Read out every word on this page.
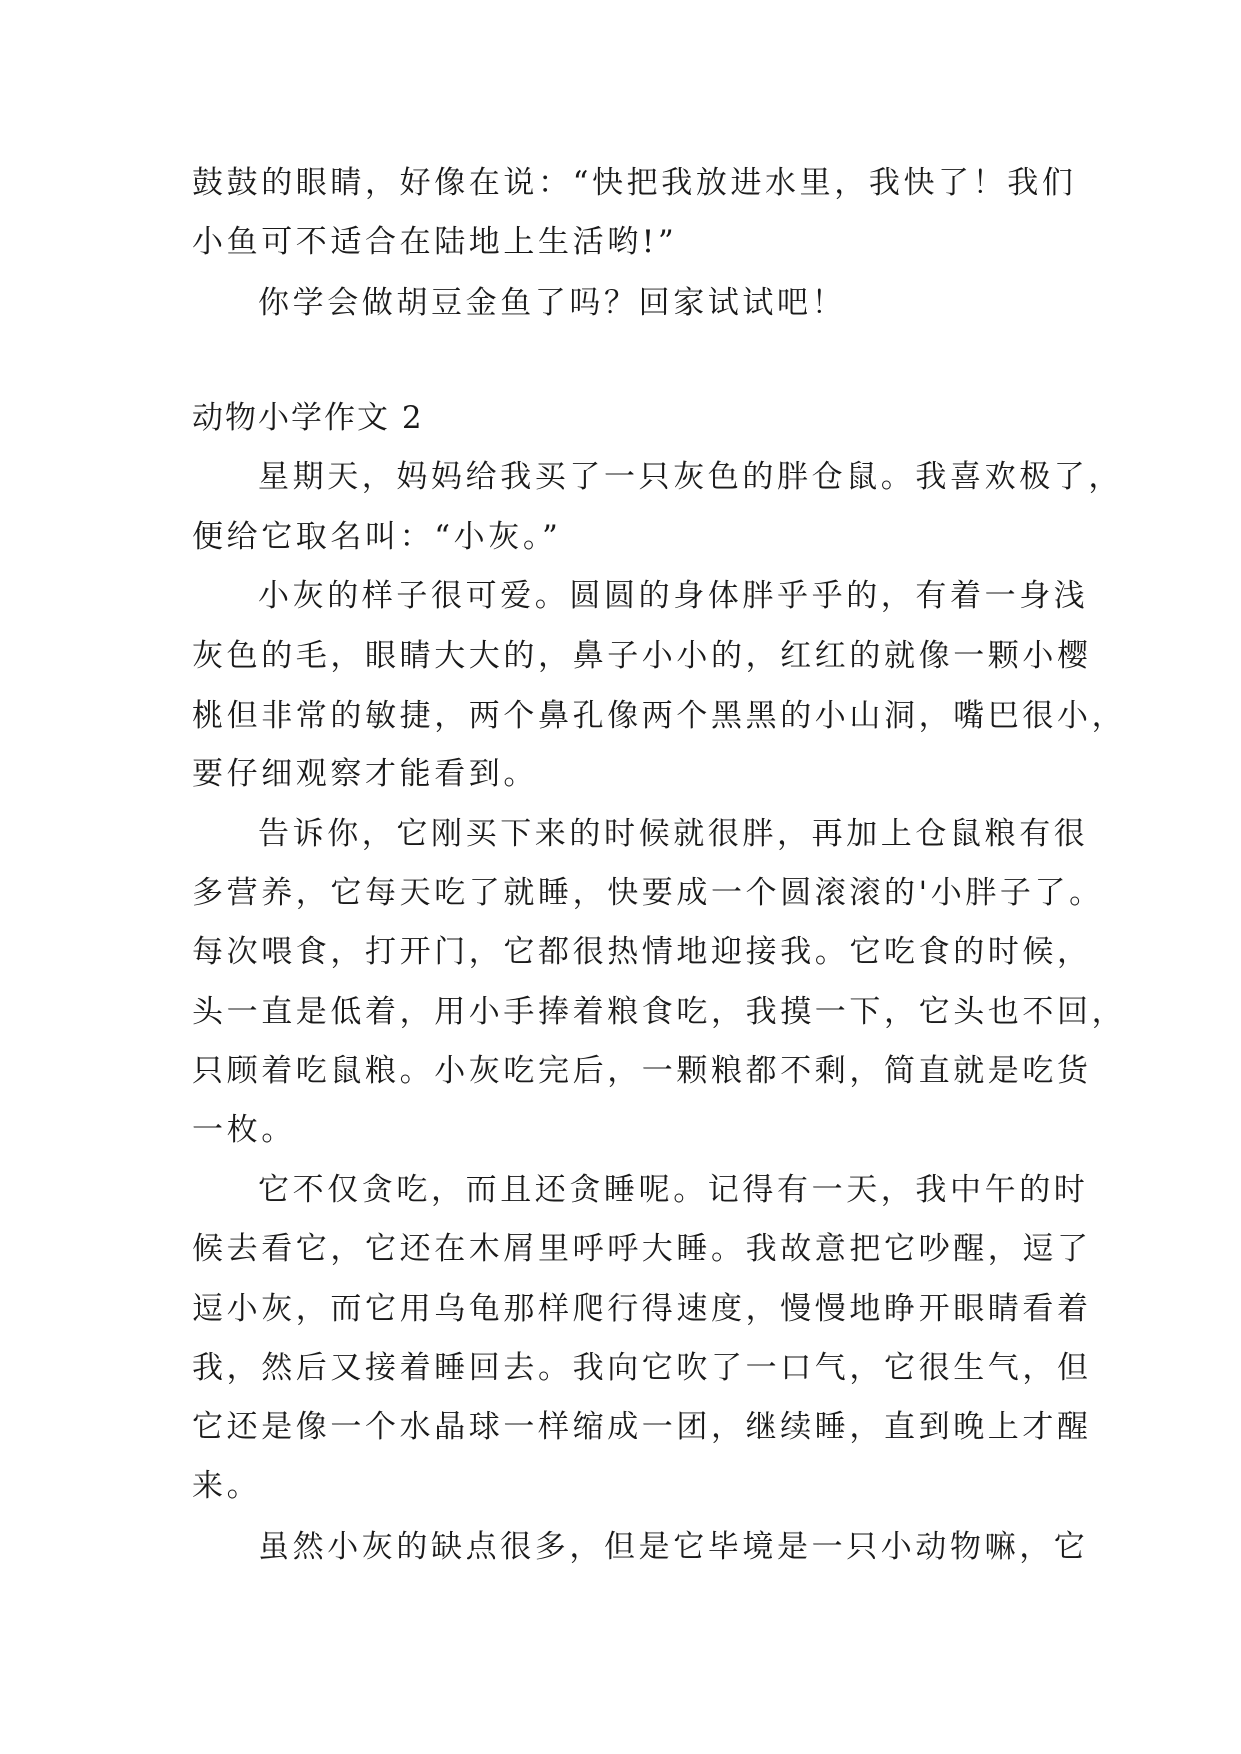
鼓鼓的眼睛，好像在说：“快把我放进水里，我快了！我们
小鱼可不适合在陆地上生活哟!”
你学会做胡豆金鱼了吗？回家试试吧！
动物小学作文 2
星期天，妈妈给我买了一只灰色的胖仓鼠。我喜欢极了，
便给它取名叫：“小灰。”
小灰的样子很可爱。圆圆的身体胖乎乎的，有着一身浅
灰色的毛，眼睛大大的，鼻子小小的，红红的就像一颗小樱
桃但非常的敏捷，两个鼻孔像两个黑黑的小山洞，嘴巴很小，
要仔细观察才能看到。
告诉你，它刚买下来的时候就很胖，再加上仓鼠粮有很
多营养，它每天吃了就睡，快要成一个圆滚滚的'小胖子了。
每次喂食，打开门，它都很热情地迎接我。它吃食的时候，
头一直是低着，用小手捧着粮食吃，我摸一下，它头也不回，
只顾着吃鼠粮。小灰吃完后，一颗粮都不剩，简直就是吃货
一枚。
它不仅贪吃，而且还贪睡呢。记得有一天，我中午的时
候去看它，它还在木屑里呼呼大睡。我故意把它吵醒，逗了
逗小灰，而它用乌龟那样爬行得速度，慢慢地睁开眼睛看着
我，然后又接着睡回去。我向它吹了一口气，它很生气，但
它还是像一个水晶球一样缩成一团，继续睡，直到晚上才醒
来。
虽然小灰的缺点很多，但是它毕境是一只小动物嘛，它
